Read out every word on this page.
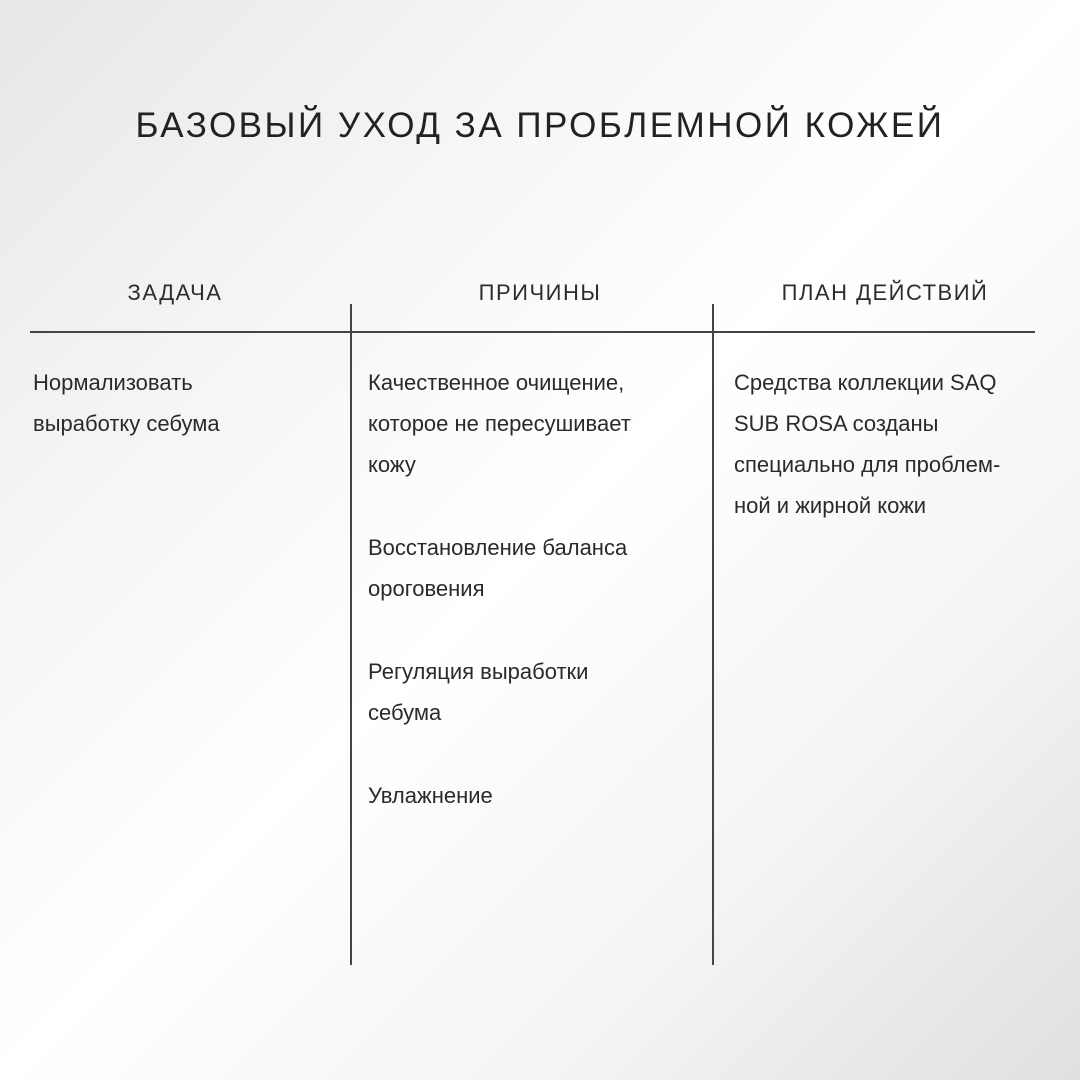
БАЗОВЫЙ УХОД ЗА ПРОБЛЕМНОЙ КОЖЕЙ
ЗАДАЧА	ПРИЧИНЫ	ПЛАН ДЕЙСТВИЙ
Нормализовать
выработку себума

Качественное очищение,
которое не пересушивает
кожу

Восстановление баланса
ороговения

Регуляция выработки
себума

Увлажнение

Средства коллекции SAQ
SUB ROSA созданы
специально для проблем-
ной и жирной кожи
